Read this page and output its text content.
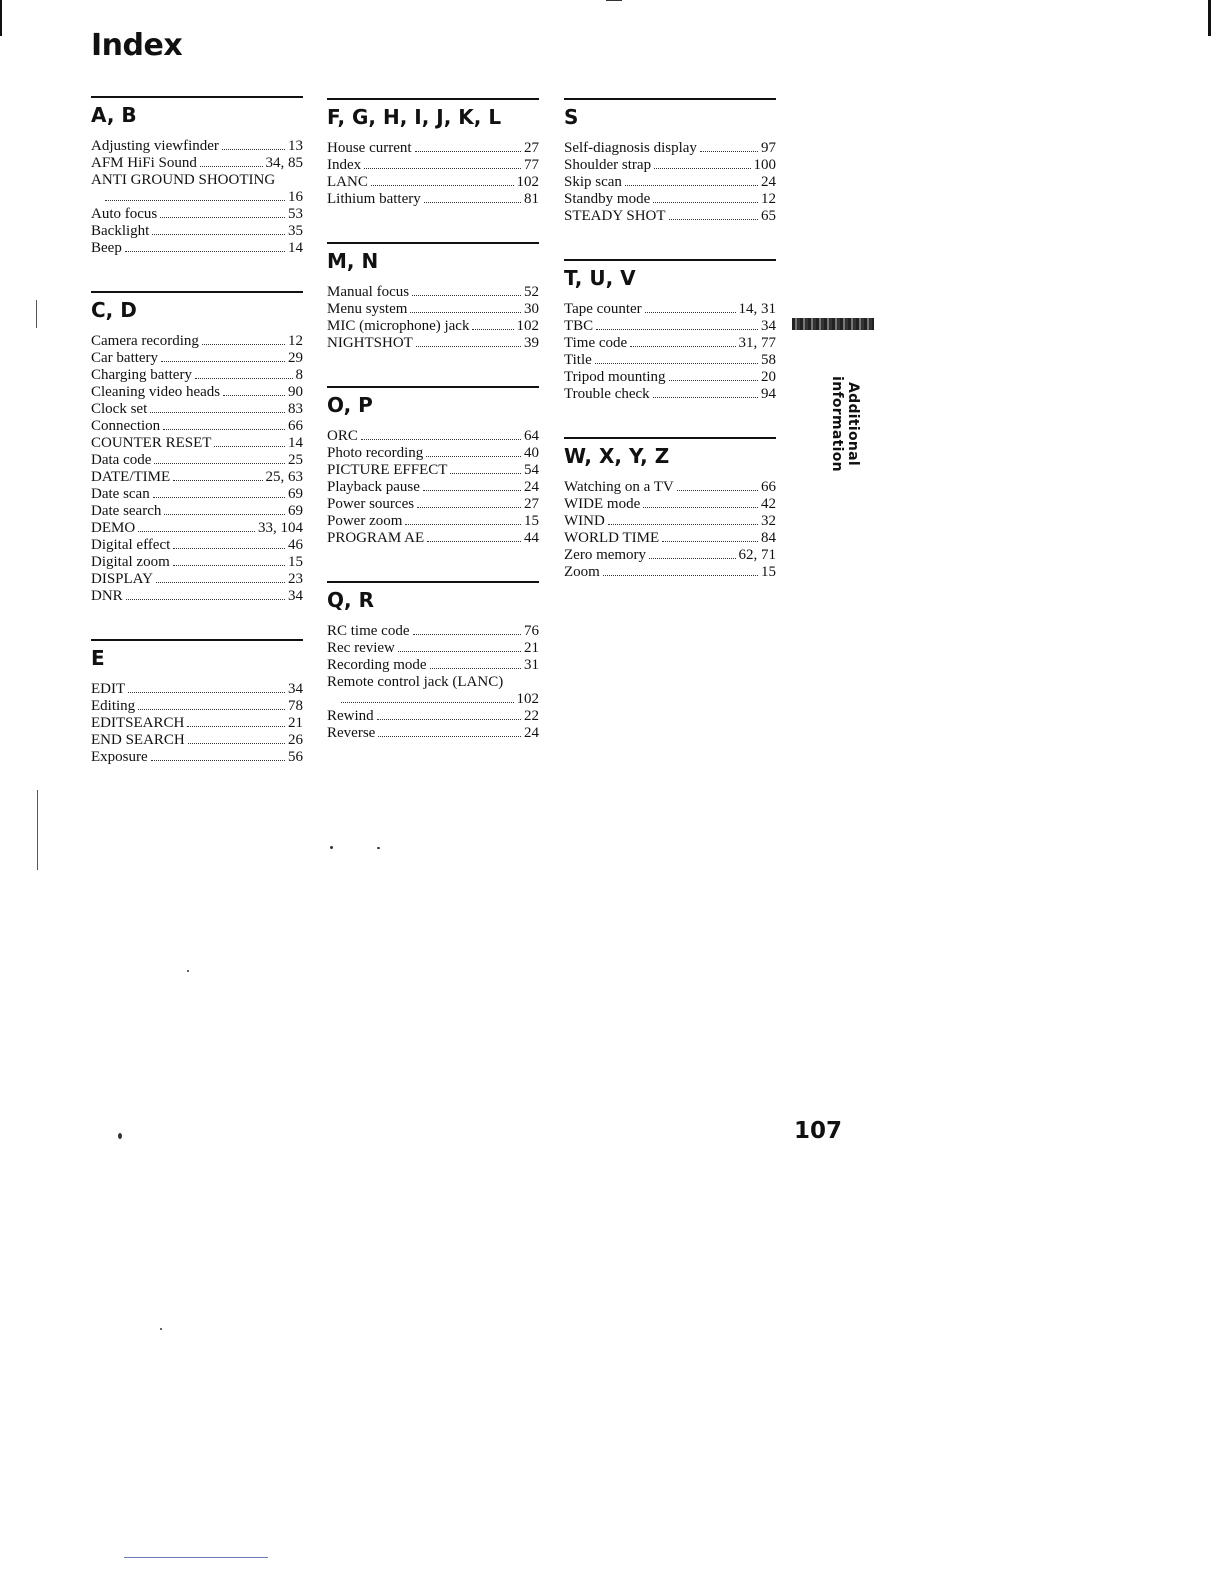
Index
A, B
Adjusting viewfinder	13
AFM HiFi Sound	34, 85
ANTI GROUND SHOOTING
16
Auto focus	53
Backlight	35
Beep	14
C, D
Camera recording	12
Car battery	29
Charging battery	8
Cleaning video heads	90
Clock set	83
Connection	66
COUNTER RESET	14
Data code	25
DATE/TIME	25, 63
Date scan	69
Date search	69
DEMO	33, 104
Digital effect	46
Digital zoom	15
DISPLAY	23
DNR	34
E
EDIT	34
Editing	78
EDITSEARCH	21
END SEARCH	26
Exposure	56
F, G, H, I, J, K, L
House current	27
Index	77
LANC	102
Lithium battery	81
M, N
Manual focus	52
Menu system	30
MIC (microphone) jack	102
NIGHTSHOT	39
O, P
ORC	64
Photo recording	40
PICTURE EFFECT	54
Playback pause	24
Power sources	27
Power zoom	15
PROGRAM AE	44
Q, R
RC time code	76
Rec review	21
Recording mode	31
Remote control jack (LANC)
102
Rewind	22
Reverse	24
S
Self-diagnosis display	97
Shoulder strap	100
Skip scan	24
Standby mode	12
STEADY SHOT	65
T, U, V
Tape counter	14, 31
TBC	34
Time code	31, 77
Title	58
Tripod mounting	20
Trouble check	94
W, X, Y, Z
Watching on a TV	66
WIDE mode	42
WIND	32
WORLD TIME	84
Zero memory	62, 71
Zoom	15
Additional information
107
